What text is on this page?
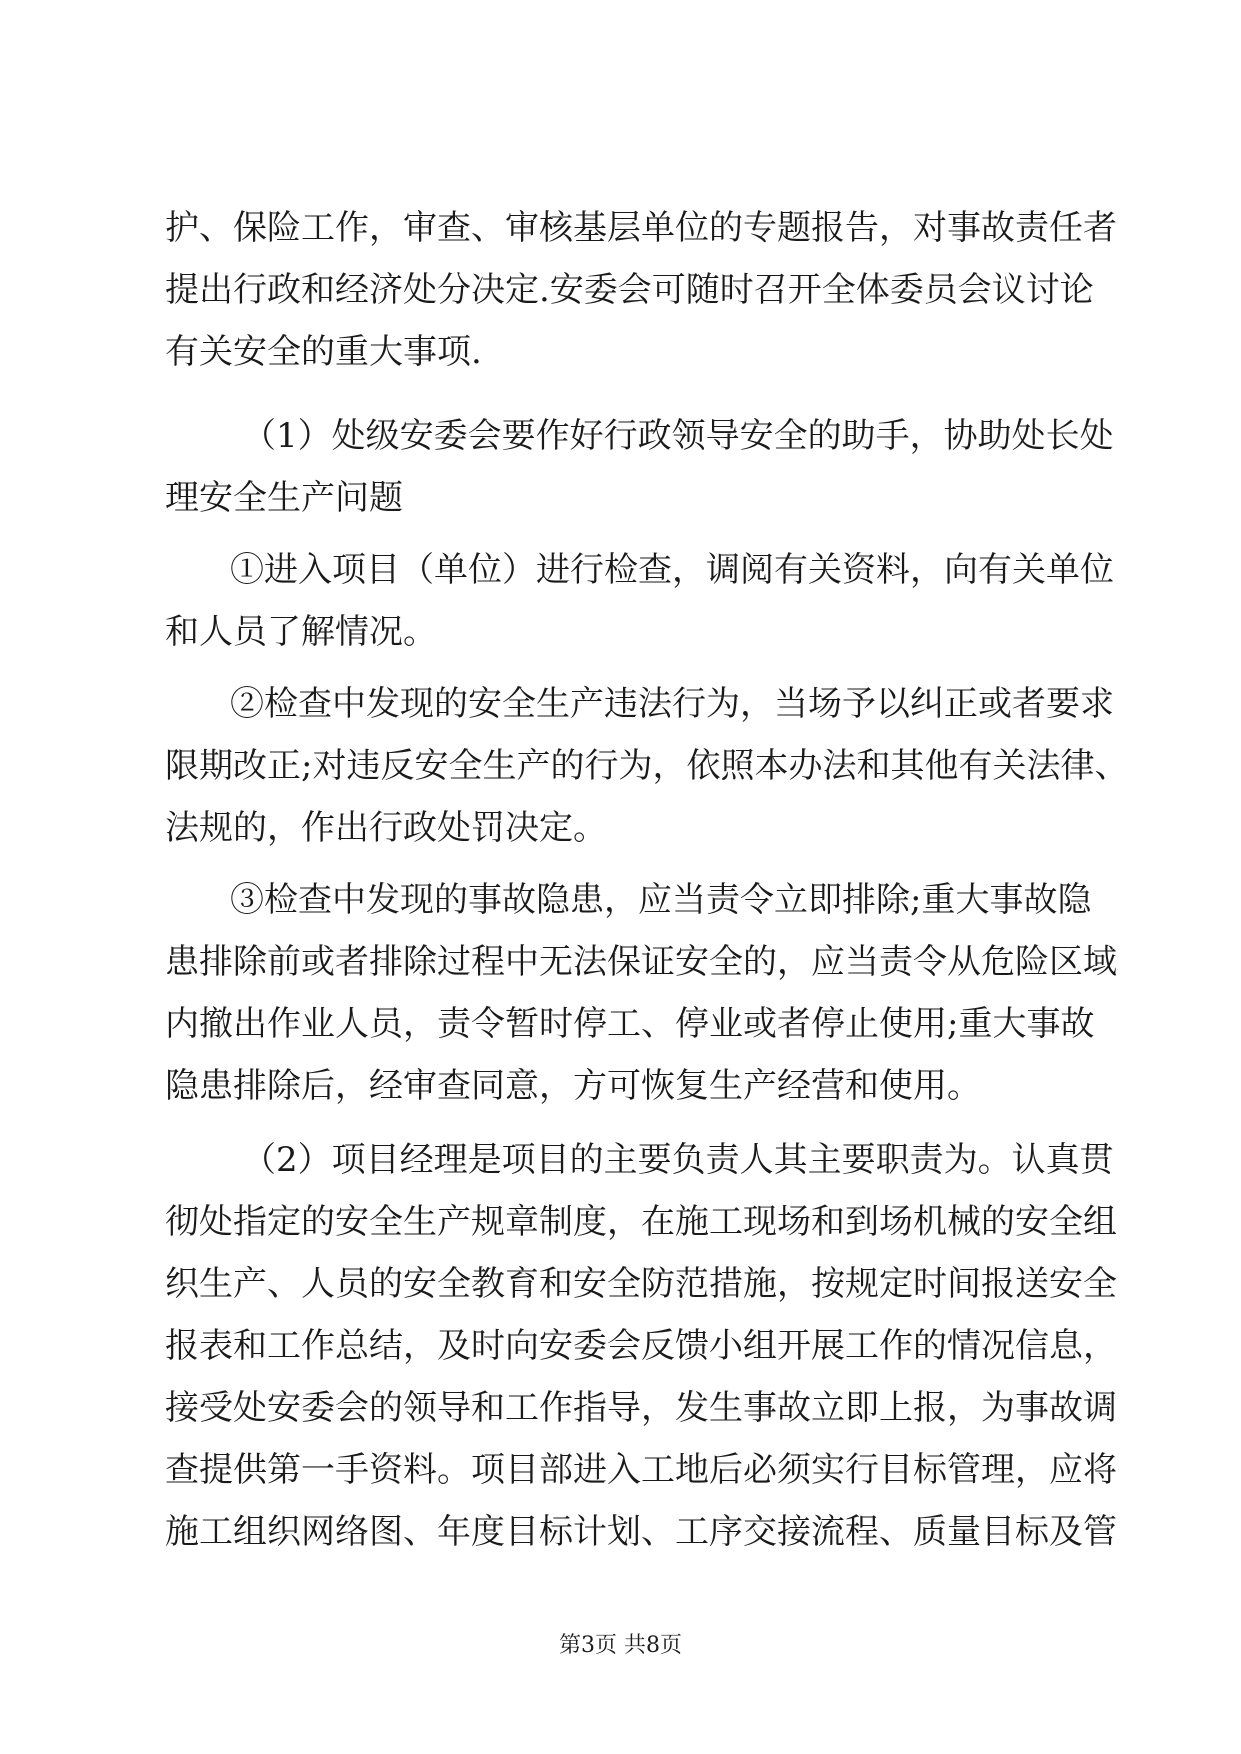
护、保险工作，审查、审核基层单位的专题报告，对事故责任者

提出行政和经济处分决定.安委会可随时召开全体委员会议讨论

有关安全的重大事项.

（1）处级安委会要作好行政领导安全的助手，协助处长处

理安全生产问题

①进入项目（单位）进行检查，调阅有关资料，向有关单位

和人员了解情况。

②检查中发现的安全生产违法行为，当场予以纠正或者要求

限期改正;对违反安全生产的行为，依照本办法和其他有关法律、

法规的，作出行政处罚决定。

③检查中发现的事故隐患，应当责令立即排除;重大事故隐

患排除前或者排除过程中无法保证安全的，应当责令从危险区域

内撤出作业人员，责令暂时停工、停业或者停止使用;重大事故

隐患排除后，经审查同意，方可恢复生产经营和使用。

（2）项目经理是项目的主要负责人其主要职责为。认真贯

彻处指定的安全生产规章制度，在施工现场和到场机械的安全组

织生产、人员的安全教育和安全防范措施，按规定时间报送安全

报表和工作总结，及时向安委会反馈小组开展工作的情况信息，

接受处安委会的领导和工作指导，发生事故立即上报，为事故调

查提供第一手资料。项目部进入工地后必须实行目标管理，应将

施工组织网络图、年度目标计划、工序交接流程、质量目标及管

第3页 共8页
